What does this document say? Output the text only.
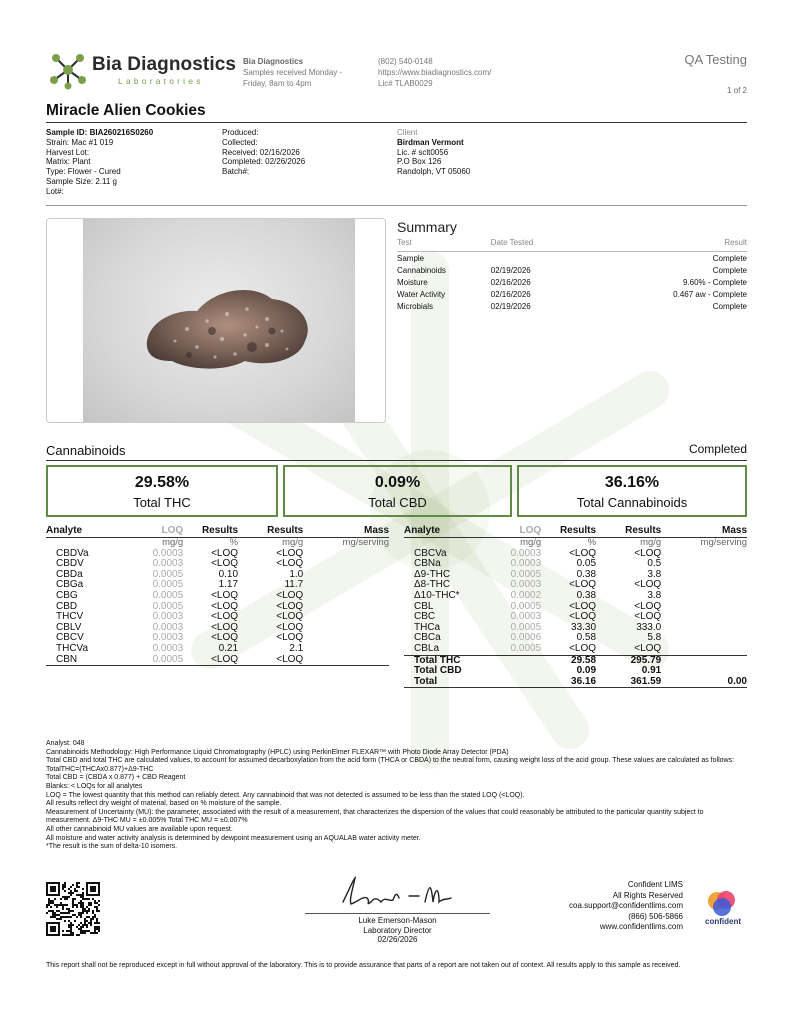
Bia Diagnostics
Laboratories
Bia Diagnostics
Samples received Monday -
Friday, 8am to 4pm
(802) 540-0148
https://www.biadiagnostics.com/
Lic# TLAB0029
QA Testing
1 of 2
Miracle Alien Cookies
Sample ID: BIA260216S0260
Strain: Mac #1 019
Harvest Lot:
Matrix: Plant
Type: Flower - Cured
Sample Size: 2.11 g
Lot#:
Produced:
Collected:
Received: 02/16/2026
Completed: 02/26/2026
Batch#:
Client
Birdman Vermont
Lic. # sclt0056
P.O Box 126
Randolph, VT 05060
Summary
Test	Date Tested	Result
Sample		Complete
Cannabinoids	02/19/2026	Complete
Moisture	02/16/2026	9.60% - Complete
Water Activity	02/16/2026	0.467 aw - Complete
Microbials	02/19/2026	Complete
Cannabinoids	Completed
29.58%
Total THC
0.09%
Total CBD
36.16%
Total Cannabinoids
Analyte	LOQ	Results	Results	Mass
	mg/g	%	mg/g	mg/serving
CBDVa	0.0003	<LOQ	<LOQ	
CBDV	0.0003	<LOQ	<LOQ	
CBDa	0.0005	0.10	1.0	
CBGa	0.0005	1.17	11.7	
CBG	0.0005	<LOQ	<LOQ	
CBD	0.0005	<LOQ	<LOQ	
THCV	0.0003	<LOQ	<LOQ	
CBLV	0.0003	<LOQ	<LOQ	
CBCV	0.0003	<LOQ	<LOQ	
THCVa	0.0003	0.21	2.1	
CBN	0.0005	<LOQ	<LOQ	
Analyte	LOQ	Results	Results	Mass
	mg/g	%	mg/g	mg/serving
CBCVa	0.0003	<LOQ	<LOQ	
CBNa	0.0003	0.05	0.5	
Δ9-THC	0.0005	0.38	3.8	
Δ8-THC	0.0003	<LOQ	<LOQ	
Δ10-THC*	0.0002	0.38	3.8	
CBL	0.0005	<LOQ	<LOQ	
CBC	0.0003	<LOQ	<LOQ	
THCa	0.0005	33.30	333.0	
CBCa	0.0006	0.58	5.8	
CBLa	0.0005	<LOQ	<LOQ	
Total THC		29.58	295.79	
Total CBD		0.09	0.91	
Total		36.16	361.59	0.00
Analyst: 048
Cannabinoids Methodology: High Performance Liquid Chromatography (HPLC) using PerkinElmer FLEXAR™ with Photo Diode Array Detector (PDA)
Total CBD and total THC are calculated values, to account for assumed decarboxylation from the acid form (THCA or CBDA) to the neutral form, causing weight loss of the acid group. These values are calculated as follows:
TotalTHC=(THCAx0.877)+Δ9-THC
Total CBD = (CBDA x 0.877) + CBD Reagent
Blanks: < LOQs for all analytes
LOQ = The lowest quantity that this method can reliably detect. Any cannabinoid that was not detected is assumed to be less than the stated LOQ (<LOQ).
All results reflect dry weight of material, based on % moisture of the sample.
Measurement of Uncertainty (MU): the parameter, associated with the result of a measurement, that characterizes the dispersion of the values that could reasonably be attributed to the particular quantity subject to measurement. Δ9-THC MU = ±0.005% Total THC MU = ±0.007%
All other cannabinoid MU values are available upon request.
All moisture and water activity analysis is determined by dewpoint measurement using an AQUALAB water activity meter.
*The result is the sum of delta-10 isomers.
Luke Emerson-Mason
Laboratory Director
02/26/2026
Confident LIMS
All Rights Reserved
coa.support@confidentlims.com
(866) 506-5866
www.confidentlims.com
confident
This report shall not be reproduced except in full without approval of the laboratory. This is to provide assurance that parts of a report are not taken out of context. All results apply to this sample as received.
